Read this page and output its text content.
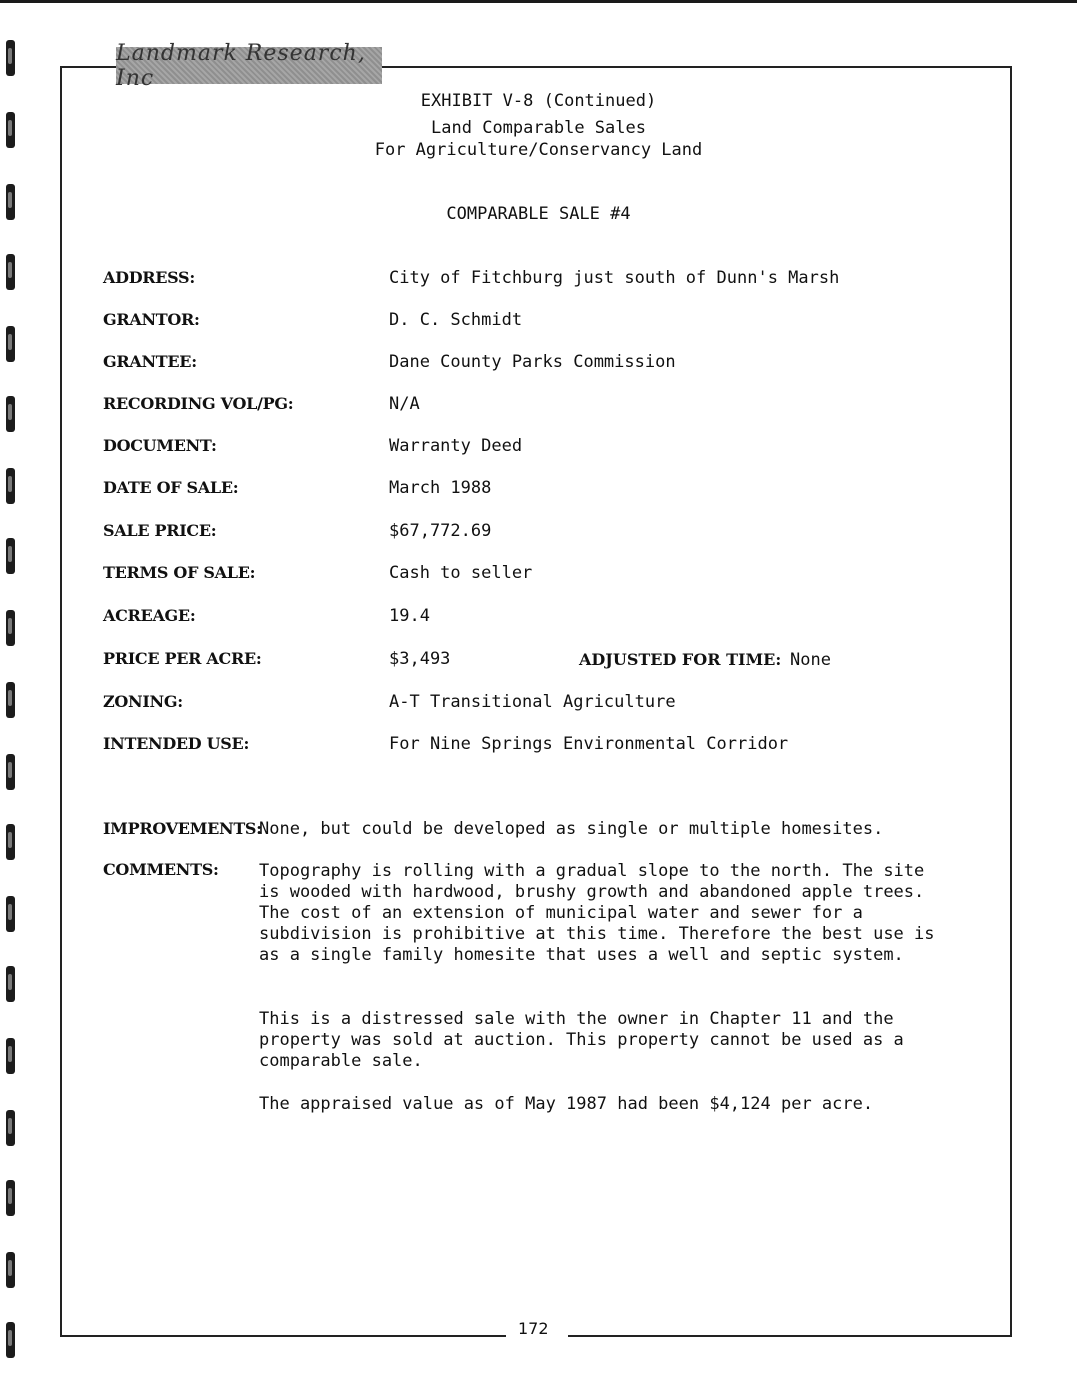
Landmark Research, Inc
EXHIBIT V-8 (Continued)
Land Comparable Sales
For Agriculture/Conservancy Land
COMPARABLE SALE #4
ADDRESS:	City of Fitchburg just south of Dunn's Marsh
GRANTOR:	D. C. Schmidt
GRANTEE:	Dane County Parks Commission
RECORDING VOL/PG:	N/A
DOCUMENT:	Warranty Deed
DATE OF SALE:	March 1988
SALE PRICE:	$67,772.69
TERMS OF SALE:	Cash to seller
ACREAGE:	19.4
PRICE PER ACRE:	$3,493	ADJUSTED FOR TIME: None
ZONING:	A-T Transitional Agriculture
INTENDED USE:	For Nine Springs Environmental Corridor
IMPROVEMENTS:
None, but could be developed as single or multiple homesites.
COMMENTS: Topography is rolling with a gradual slope to the north. The site is wooded with hardwood, brushy growth and abandoned apple trees. The cost of an extension of municipal water and sewer for a subdivision is prohibitive at this time. Therefore the best use is as a single family homesite that uses a well and septic system.

This is a distressed sale with the owner in Chapter 11 and the property was sold at auction. This property cannot be used as a comparable sale.

The appraised value as of May 1987 had been $4,124 per acre.

172
